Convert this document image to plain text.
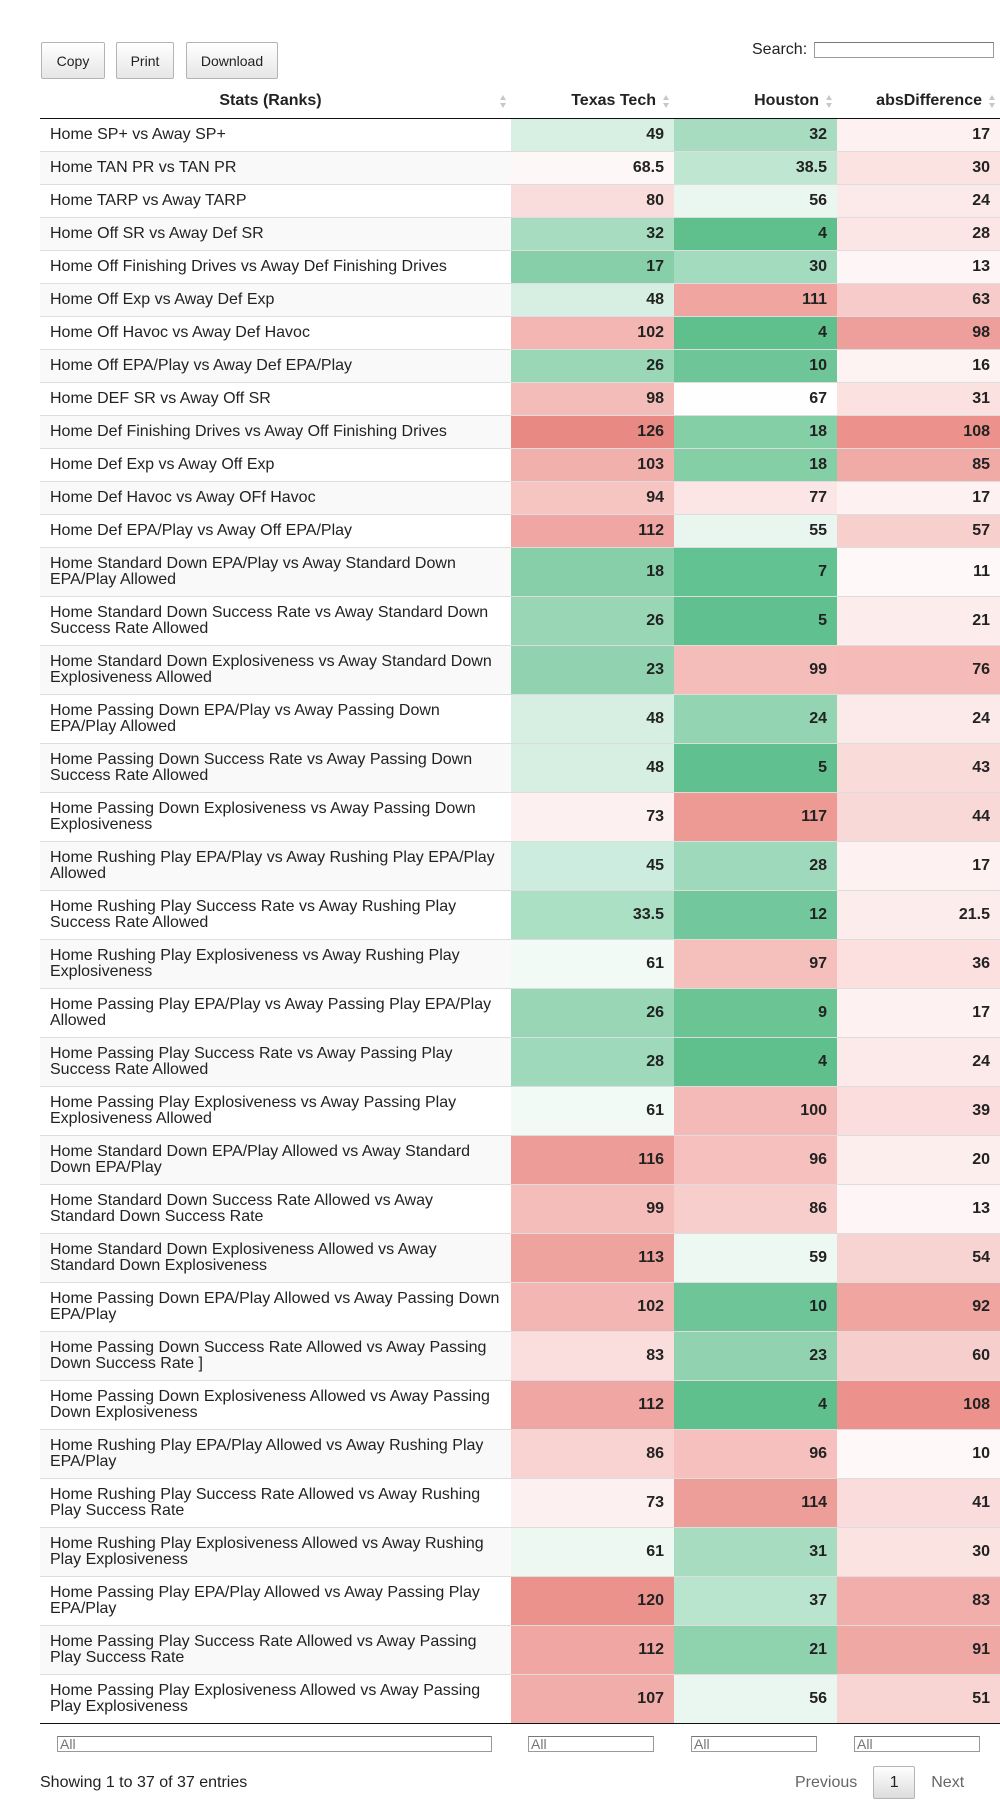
Copy	Print	Download
Search:
Stats (Ranks)	Texas Tech	Houston	absDifference

Home SP+ vs Away SP+	49	32	17
Home TAN PR vs TAN PR	68.5	38.5	30
Home TARP vs Away TARP	80	56	24
Home Off SR vs Away Def SR	32	4	28
Home Off Finishing Drives vs Away Def Finishing Drives	17	30	13
Home Off Exp vs Away Def Exp	48	111	63
Home Off Havoc vs Away Def Havoc	102	4	98
Home Off EPA/Play vs Away Def EPA/Play	26	10	16
Home DEF SR vs Away Off SR	98	67	31
Home Def Finishing Drives vs Away Off Finishing Drives	126	18	108
Home Def Exp vs Away Off Exp	103	18	85
Home Def Havoc vs Away OFf Havoc	94	77	17
Home Def EPA/Play vs Away Off EPA/Play	112	55	57
Home Standard Down EPA/Play vs Away Standard Down EPA/Play Allowed	18	7	11
Home Standard Down Success Rate vs Away Standard Down Success Rate Allowed	26	5	21
Home Standard Down Explosiveness vs Away Standard Down Explosiveness Allowed	23	99	76
Home Passing Down EPA/Play vs Away Passing Down EPA/Play Allowed	48	24	24
Home Passing Down Success Rate vs Away Passing Down Success Rate Allowed	48	5	43
Home Passing Down Explosiveness vs Away Passing Down Explosiveness	73	117	44
Home Rushing Play EPA/Play vs Away Rushing Play EPA/Play Allowed	45	28	17
Home Rushing Play Success Rate vs Away Rushing Play Success Rate Allowed	33.5	12	21.5
Home Rushing Play Explosiveness vs Away Rushing Play Explosiveness	61	97	36
Home Passing Play EPA/Play vs Away Passing Play EPA/Play Allowed	26	9	17
Home Passing Play Success Rate vs Away Passing Play Success Rate Allowed	28	4	24
Home Passing Play Explosiveness vs Away Passing Play Explosiveness Allowed	61	100	39
Home Standard Down EPA/Play Allowed vs Away Standard Down EPA/Play	116	96	20
Home Standard Down Success Rate Allowed vs Away Standard Down Success Rate	99	86	13
Home Standard Down Explosiveness Allowed vs Away Standard Down Explosiveness	113	59	54
Home Passing Down EPA/Play Allowed vs Away Passing Down EPA/Play	102	10	92
Home Passing Down Success Rate Allowed vs Away Passing Down Success Rate ]	83	23	60
Home Passing Down Explosiveness Allowed vs Away Passing Down Explosiveness	112	4	108
Home Rushing Play EPA/Play Allowed vs Away Rushing Play EPA/Play	86	96	10
Home Rushing Play Success Rate Allowed vs Away Rushing Play Success Rate	73	114	41
Home Rushing Play Explosiveness Allowed vs Away Rushing Play Explosiveness	61	31	30
Home Passing Play EPA/Play Allowed vs Away Passing Play EPA/Play	120	37	83
Home Passing Play Success Rate Allowed vs Away Passing Play Success Rate	112	21	91
Home Passing Play Explosiveness Allowed vs Away Passing Play Explosiveness	107	56	51

All	
All	
All	
All
Showing 1 to 37 of 37 entries	Previous	1	Next
